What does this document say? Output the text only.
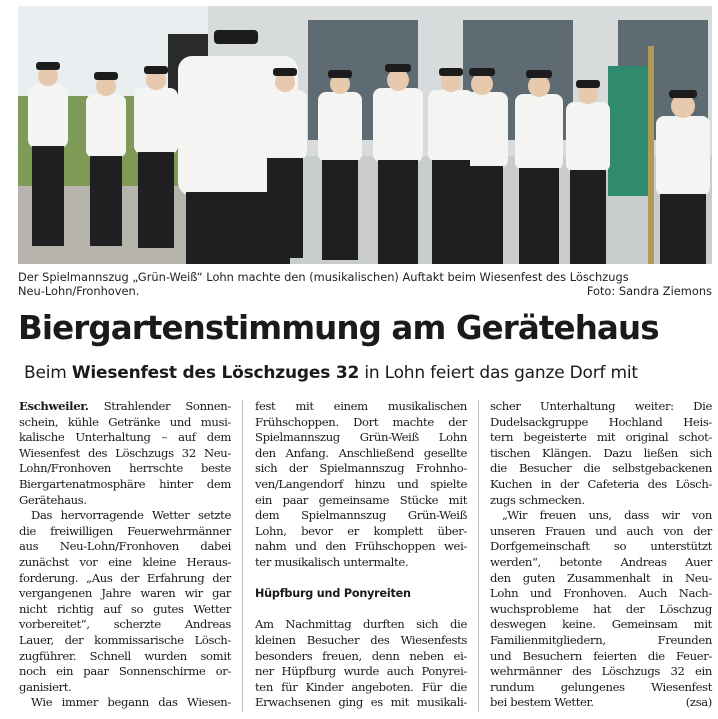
Der Spielmannszug „Grün-Weiß“ Lohn machte den (musikalischen) Auftakt beim Wiesenfest des Löschzugs
Neu-Lohn/Fronhoven.	Foto: Sandra Ziemons
Biergartenstimmung am Gerätehaus
Beim Wiesenfest des Löschzuges 32 in Lohn feiert das ganze Dorf mit
Eschweiler. Strahlender Sonnen-
schein, kühle Getränke und musi-
kalische Unterhaltung – auf dem
Wiesenfest des Löschzugs 32 Neu-
Lohn/Fronhoven herrschte beste
Biergartenatmosphäre hinter dem
Gerätehaus.
Das hervorragende Wetter setzte
die freiwilligen Feuerwehrmänner
aus Neu-Lohn/Fronhoven dabei
zunächst vor eine kleine Heraus-
forderung. „Aus der Erfahrung der
vergangenen Jahre waren wir gar
nicht richtig auf so gutes Wetter
vorbereitet“, scherzte Andreas
Lauer, der kommissarische Lösch-
zugführer. Schnell wurden somit
noch ein paar Sonnenschirme or-
ganisiert.
Wie immer begann das Wiesen-
fest mit einem musikalischen
Frühschoppen. Dort machte der
Spielmannszug Grün-Weiß Lohn
den Anfang. Anschließend gesellte
sich der Spielmannszug Frohnho-
ven/Langendorf hinzu und spielte
ein paar gemeinsame Stücke mit
dem Spielmannszug Grün-Weiß
Lohn, bevor er komplett über-
nahm und den Frühschoppen wei-
ter musikalisch untermalte.
Hüpfburg und Ponyreiten
Am Nachmittag durften sich die
kleinen Besucher des Wiesenfests
besonders freuen, denn neben ei-
ner Hüpfburg wurde auch Ponyrei-
ten für Kinder angeboten. Für die
Erwachsenen ging es mit musikali-
scher Unterhaltung weiter: Die
Dudelsackgruppe Hochland Heis-
tern begeisterte mit original schot-
tischen Klängen. Dazu ließen sich
die Besucher die selbstgebackenen
Kuchen in der Cafeteria des Lösch-
zugs schmecken.
„Wir freuen uns, dass wir von
unseren Frauen und auch von der
Dorfgemeinschaft so unterstützt
werden“, betonte Andreas Auer
den guten Zusammenhalt in Neu-
Lohn und Fronhoven. Auch Nach-
wuchsprobleme hat der Löschzug
deswegen keine. Gemeinsam mit
Familienmitgliedern, Freunden
und Besuchern feierten die Feuer-
wehrmänner des Löschzugs 32 ein
rundum gelungenes Wiesenfest
bei bestem Wetter.	(zsa)
